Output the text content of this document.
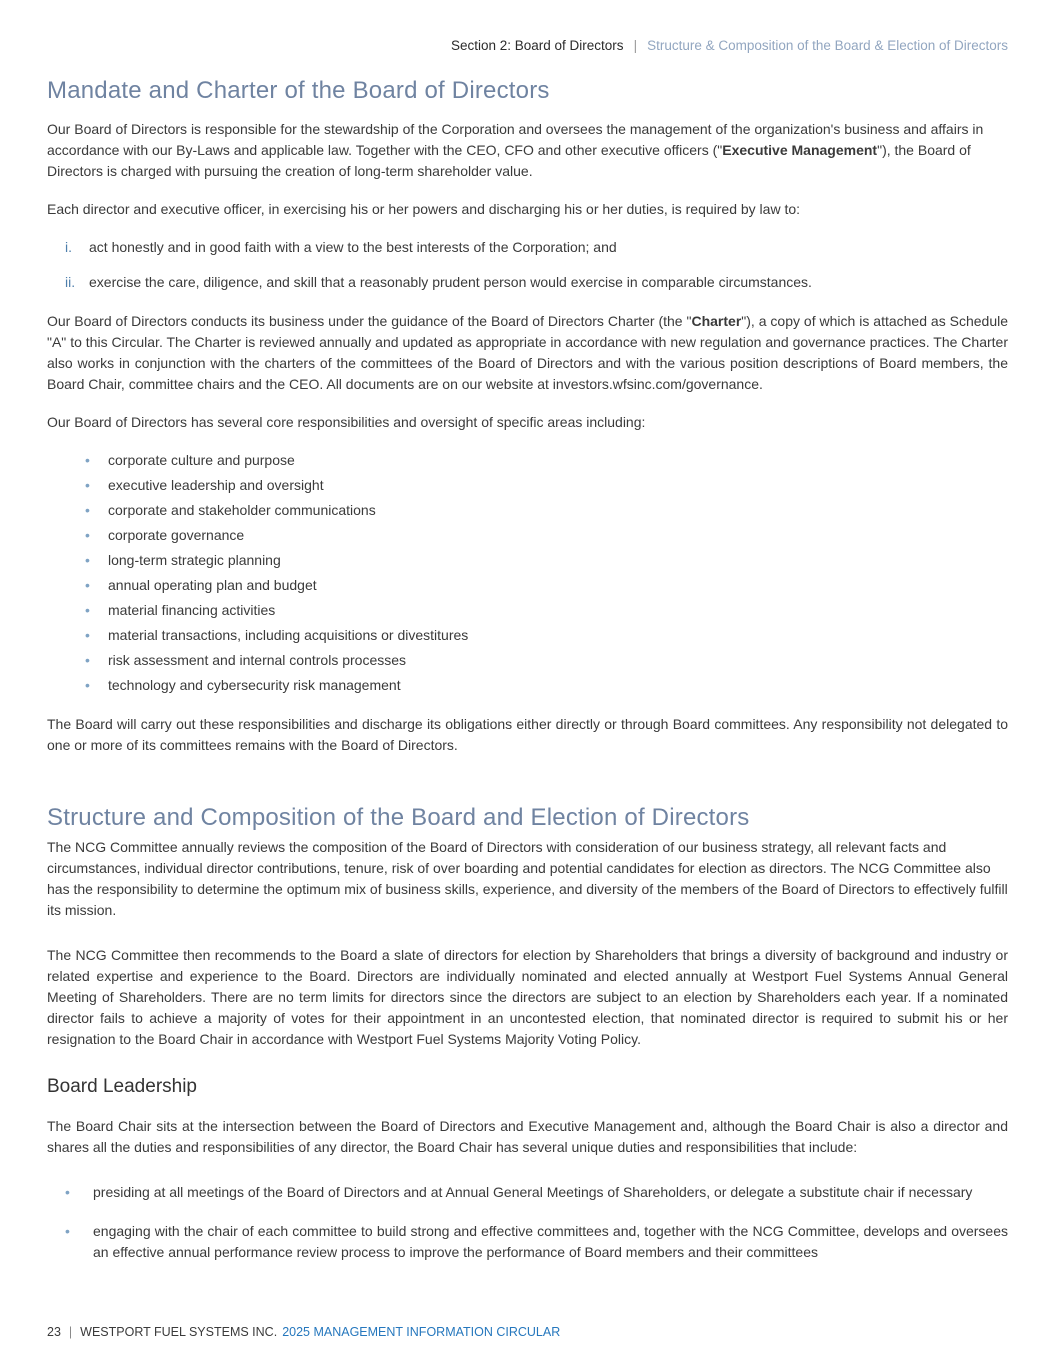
Section 2: Board of Directors | Structure & Composition of the Board & Election of Directors
Mandate and Charter of the Board of Directors

Our Board of Directors is responsible for the stewardship of the Corporation and oversees the management of the organization's business and affairs in accordance with our By-Laws and applicable law. Together with the CEO, CFO and other executive officers ("Executive Management"), the Board of Directors is charged with pursuing the creation of long-term shareholder value.

Each director and executive officer, in exercising his or her powers and discharging his or her duties, is required by law to:

i.	act honestly and in good faith with a view to the best interests of the Corporation; and
ii. exercise the care, diligence, and skill that a reasonably prudent person would exercise in comparable circumstances.

Our Board of Directors conducts its business under the guidance of the Board of Directors Charter (the "Charter"), a copy of which is attached as Schedule "A" to this Circular. The Charter is reviewed annually and updated as appropriate in accordance with new regulation and governance practices. The Charter also works in conjunction with the charters of the committees of the Board of Directors and with the various position descriptions of Board members, the Board Chair, committee chairs and the CEO. All documents are on our website at investors.wfsinc.com/governance.

Our Board of Directors has several core responsibilities and oversight of specific areas including:

•	corporate culture and purpose
•	executive leadership and oversight
•	corporate and stakeholder communications
•	corporate governance
•	long-term strategic planning
•	annual operating plan and budget
•	material financing activities
•	material transactions, including acquisitions or divestitures
•	risk assessment and internal controls processes
•	technology and cybersecurity risk management

The Board will carry out these responsibilities and discharge its obligations either directly or through Board committees. Any responsibility not delegated to one or more of its committees remains with the Board of Directors.

Structure and Composition of the Board and Election of Directors

The NCG Committee annually reviews the composition of the Board of Directors with consideration of our business strategy, all relevant facts and circumstances, individual director contributions, tenure, risk of over boarding and potential candidates for election as directors. The NCG Committee also has the responsibility to determine the optimum mix of business skills, experience, and diversity of the members of the Board of Directors to effectively fulfill its mission.

The NCG Committee then recommends to the Board a slate of directors for election by Shareholders that brings a diversity of background and industry or related expertise and experience to the Board. Directors are individually nominated and elected annually at Westport Fuel Systems Annual General Meeting of Shareholders. There are no term limits for directors since the directors are subject to an election by Shareholders each year. If a nominated director fails to achieve a majority of votes for their appointment in an uncontested election, that nominated director is required to submit his or her resignation to the Board Chair in accordance with Westport Fuel Systems Majority Voting Policy.

Board Leadership

The Board Chair sits at the intersection between the Board of Directors and Executive Management and, although the Board Chair is also a director and shares all the duties and responsibilities of any director, the Board Chair has several unique duties and responsibilities that include:

•	presiding at all meetings of the Board of Directors and at Annual General Meetings of Shareholders, or delegate a substitute chair if necessary
•	engaging with the chair of each committee to build strong and effective committees and, together with the NCG Committee, develops and oversees an effective annual performance review process to improve the performance of Board members and their committees
23 | WESTPORT FUEL SYSTEMS INC. 2025 MANAGEMENT INFORMATION CIRCULAR
